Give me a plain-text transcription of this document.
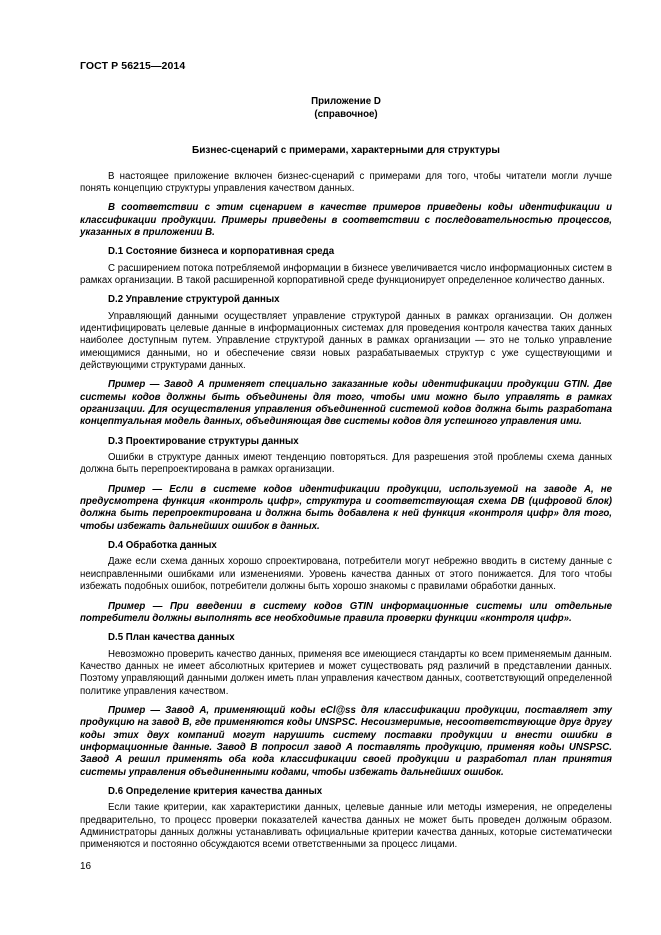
ГОСТ Р 56215—2014
Приложение D
(справочное)
Бизнес-сценарий с примерами, характерными для структуры

В настоящее приложение включен бизнес-сценарий с примерами для того, чтобы читатели могли лучше понять концепцию структуры управления качеством данных.

В соответствии с этим сценарием в качестве примеров приведены коды идентификации и классификации продукции. Примеры приведены в соответствии с последовательностью процессов, указанных в приложении В.

D.1 Состояние бизнеса и корпоративная среда

С расширением потока потребляемой информации в бизнесе увеличивается число информационных систем в рамках организации. В такой расширенной корпоративной среде функционирует определенное количество данных.

D.2 Управление структурой данных

Управляющий данными осуществляет управление структурой данных в рамках организации. Он должен идентифицировать целевые данные в информационных системах для проведения контроля качества таких данных наиболее доступным путем. Управление структурой данных в рамках организации — это не только управление имеющимися данными, но и обеспечение связи новых разрабатываемых структур с уже существующими и действующими структурами данных.

Пример — Завод А применяет специально заказанные коды идентификации продукции GTIN. Две системы кодов должны быть объединены для того, чтобы ими можно было управлять в рамках организации. Для осуществления управления объединенной системой кодов должна быть разработана концептуальная модель данных, объединяющая две системы кодов для успешного управления ими.

D.3 Проектирование структуры данных

Ошибки в структуре данных имеют тенденцию повторяться. Для разрешения этой проблемы схема данных должна быть перепроектирована в рамках организации.

Пример — Если в системе кодов идентификации продукции, используемой на заводе А, не предусмотрена функция «контроль цифр», структура и соответствующая схема DB (цифровой блок) должна быть перепроектирована и должна быть добавлена к ней функция «контроля цифр» для того, чтобы избежать дальнейших ошибок в данных.

D.4 Обработка данных

Даже если схема данных хорошо спроектирована, потребители могут небрежно вводить в систему данные с неисправленными ошибками или изменениями. Уровень качества данных от этого понижается. Для того чтобы избежать подобных ошибок, потребители должны быть хорошо знакомы с правилами обработки данных.

Пример — При введении в систему кодов GTIN информационные системы или отдельные потребители должны выполнять все необходимые правила проверки функции «контроля цифр».

D.5 План качества данных

Невозможно проверить качество данных, применяя все имеющиеся стандарты ко всем применяемым данным. Качество данных не имеет абсолютных критериев и может существовать ряд различий в представлении данных. Поэтому управляющий данными должен иметь план управления качеством данных, соответствующий определенной политике управления качеством.

Пример — Завод А, применяющий коды eCl@ss для классификации продукции, поставляет эту продукцию на завод В, где применяются коды UNSPSC. Несоизмеримые, несоответствующие друг другу коды этих двух компаний могут нарушить систему поставки продукции и внести ошибки в информационные данные. Завод В попросил завод А поставлять продукцию, применяя коды UNSPSC. Завод А решил применять оба кода классификации своей продукции и разработал план принятия системы управления объединенными кодами, чтобы избежать дальнейших ошибок.

D.6 Определение критерия качества данных

Если такие критерии, как характеристики данных, целевые данные или методы измерения, не определены предварительно, то процесс проверки показателей качества данных не может быть проведен должным образом. Администраторы данных должны устанавливать официальные критерии качества данных, которые систематически применяются и постоянно обсуждаются всеми ответственными за процесс лицами.

16
